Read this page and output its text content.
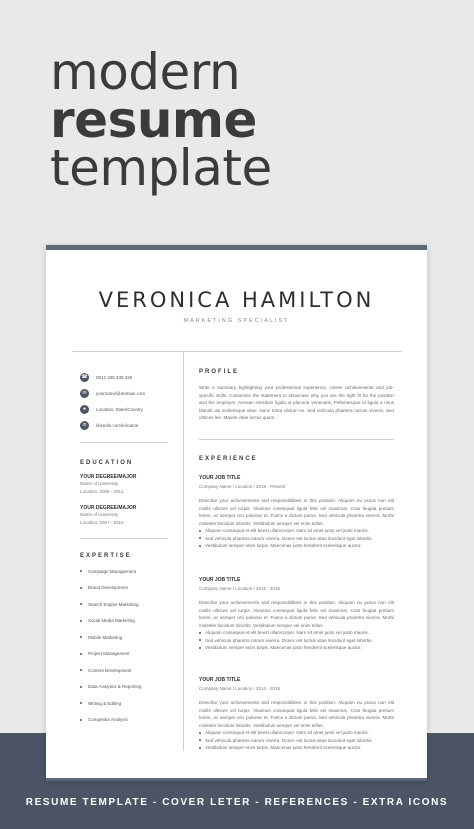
modern
resume
template
RESUME TEMPLATE - COVER LETER - REFERENCES - EXTRA ICONS
VERONICA HAMILTON
MARKETING SPECIALIST
☎	0012 345 345 345
✉	yourname@domain.com
●	Location, State/Country
in	linkedin.com/in/name
EDUCATION
YOUR DEGREE/MAJOR
Name of University
Location, 2008 - 2012
YOUR DEGREE/MAJOR
Name of University
Location, 2007 - 2010
EXPERTISE
Campaign Management
Brand Development
Search Engine Marketing
Social Media Marketing
Mobile Marketing
Project Management
Content Development
Data Analytics & Reporting
Writing & Editing
Competitor Analysis
PROFILE
Write a summary highlighting your professional experience, career achievements and job-specific skills. Customize the statement to showcase why you are the right fit for the position and the employer. Aenean interdum ligula ut placerat venenatis. Pellentesque id ligula a risus blandit dui scelerisque vitae. Nunc tortor dictum ex. Sed vehicula pharetra rutrum viverra. Sed ultrices leo. Mauris vitae lectus quam.
EXPERIENCE
YOUR JOB TITLE
Company Name / Location / 2016 - Present
Describe your achievements and responsibilities in this position. Aliquam eu purus non elit mollis ultrices vel turpis. Vivamus consequat ligula felis vel maximus. Cras feugiat pretium lorem, ac semper orci pulvinar et. Fusce a dictum purus. Sed vehicula pharetra viverra. Morbi molestie tincidunt lobortis. Vestibulum semper vel enim tellus.
Aliquam consequat et elit beest ullamcorper. Nam sit amet justo vel justo mauris.
Sed vehicula pharetra rutrum viverra. Donec est luctus vitae tincidunt eget lobortis.
Vestibulum semper enim turpis. Maecenas justo hendrerit scelerisque auctor.
YOUR JOB TITLE
Company Name / Location / 2015 - 2016
Describe your achievements and responsibilities in this position. Aliquam eu purus non elit mollis ultrices vel turpis. Vivamus consequat ligula felis vel maximus. Cras feugiat pretium lorem, ac semper orci pulvinar et. Fusce a dictum purus. Sed vehicula pharetra viverra. Morbi molestie tincidunt lobortis. Vestibulum semper vel enim tellus.
Aliquam consequat et elit beest ullamcorper. Nam sit amet justo vel justo mauris.
Sed vehicula pharetra rutrum viverra. Donec est luctus vitae tincidunt eget lobortis.
Vestibulum semper enim turpis. Maecenas justo hendrerit scelerisque auctor.
YOUR JOB TITLE
Company Name / Location / 2014 - 2015
Describe your achievements and responsibilities in this position. Aliquam eu purus non elit mollis ultrices vel turpis. Vivamus consequat ligula felis vel maximus. Cras feugiat pretium lorem, ac semper orci pulvinar et. Fusce a dictum purus. Sed vehicula pharetra viverra. Morbi molestie tincidunt lobortis. Vestibulum semper vel enim tellus.
Aliquam consequat et elit beest ullamcorper. Nam sit amet justo vel justo mauris.
Sed vehicula pharetra rutrum viverra. Donec est luctus vitae tincidunt eget lobortis.
Vestibulum semper enim turpis. Maecenas justo hendrerit scelerisque auctor.
